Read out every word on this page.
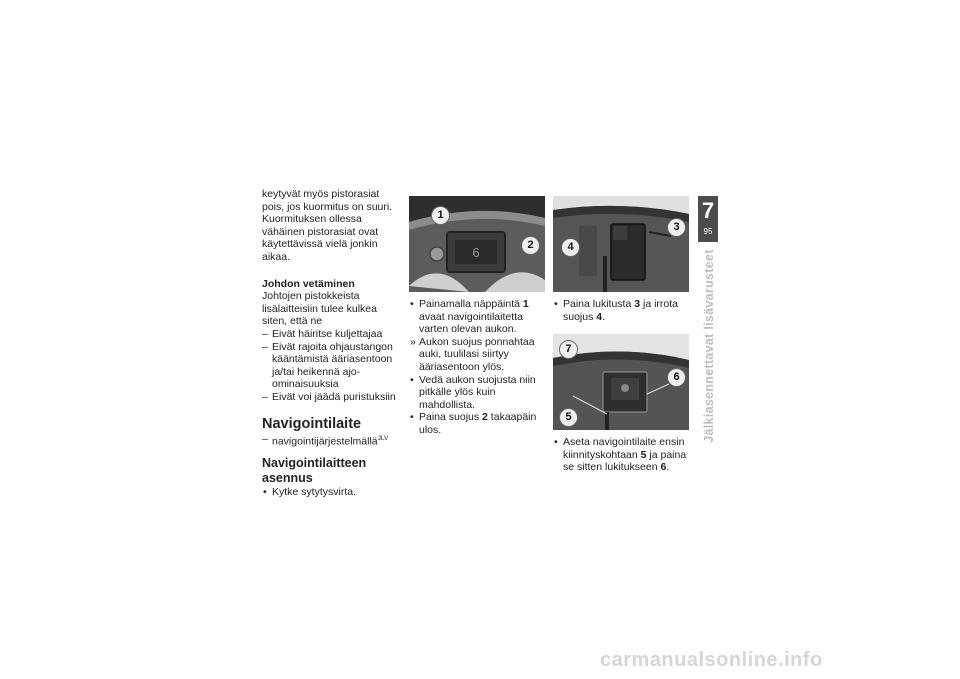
keytyvät myös pistorasiat pois, jos kuormitus on suuri. Kuormituksen ollessa vähäinen pistorasiat ovat käytettävissä vielä jonkin aikaa.

Johdon vetäminen

Johtojen pistokkeista lisälaitteisiin tulee kulkea siten, että ne

– Eivät häiritse kuljettajaa

– Eivät rajoita ohjaustangon kääntämistä ääriasentoon ja/tai heikennä ajo-ominaisuuksia

– Eivät voi jäädä puristuksiin

Navigointilaite

– navigointijärjestelmällä$^{JLV}$

Navigointilaitteen asennus

• Kytke sytytysvirta.

6
1
2

• Painamalla näppäintä 1 avaat navigointilaitetta varten olevan aukon.

» Aukon suojus ponnahtaa auki, tuulilasi siirtyy ääriasentoon ylös.

• Vedä aukon suojusta niin pitkälle ylös kuin mahdollista.

• Paina suojus 2 takaapäin ulos.

3
4

• Paina lukitusta 3 ja irrota suojus 4.

7
6
5

• Aseta navigointilaite ensin kiinnityskohtaan 5 ja paina se sitten lukitukseen 6.

7
95
Jälkiasennettavat lisävarusteet
carmanualsonline.info
